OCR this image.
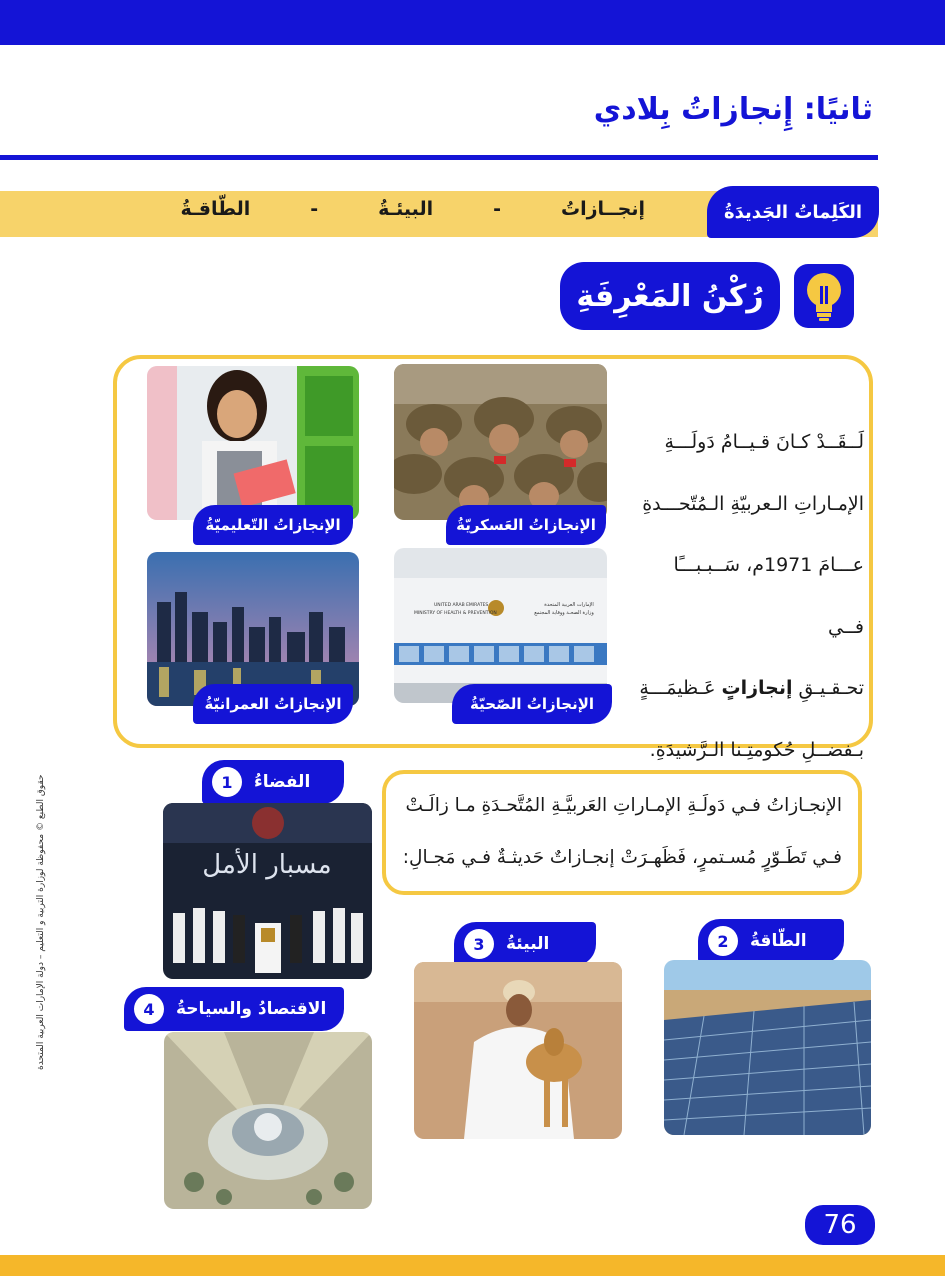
ثانيًا: إِنجازاتُ بِلادي
الكَلِماتُ الجَديدَةُ
إنجــازاتُ
-
البيئـةُ
-
الطّاقـةُ
رُكْنُ المَعْرِفَةِ
لَــقَــدْ كـانَ قـيــامُ دَولَـــةِ
الإمـاراتِ الـعربيّةِ الـمُتّحـــدةِ
عـــامَ 1971م، سَــبـبـــًا فــي
تحـقـيـقِ إنجازاتٍ عَـظيمَـــةٍ
بـفضــلِ حُكومتِـنا الـرَّشيدَةِ.
الإنجازاتُ التّعليميّةُ	الإنجازاتُ العَسكريّةُ
الإنجازاتُ العمرانيّةُ
UNITED ARAB EMIRATES
MINISTRY OF HEALTH & PREVENTION
الإمارات العربية المتحدة
وزارة الصحـة ووقاية المجتمع
الإنجازاتُ الصّحيّةُ
الإنجـازاتُ فـي دَولَـةِ الإمـاراتِ العَربيَّـةِ المُتَّحـدَةِ مـا زالَـتْ
فـي تَطَـوّرٍ مُسـتمرٍ، فَظَهـرَتْ إنجـازاتٌ حَديثـةٌ فـي مَجـالِ:
1	الفضاءُ
مسبار الأمل
2	الطّاقةُ
3	البيئةُ
4	الاقتصادُ والسياحةُ
حقوق الطبع © محفوظة لوزارة التربية و التعليم – دولة الإمارات العربية المتحدة
76
